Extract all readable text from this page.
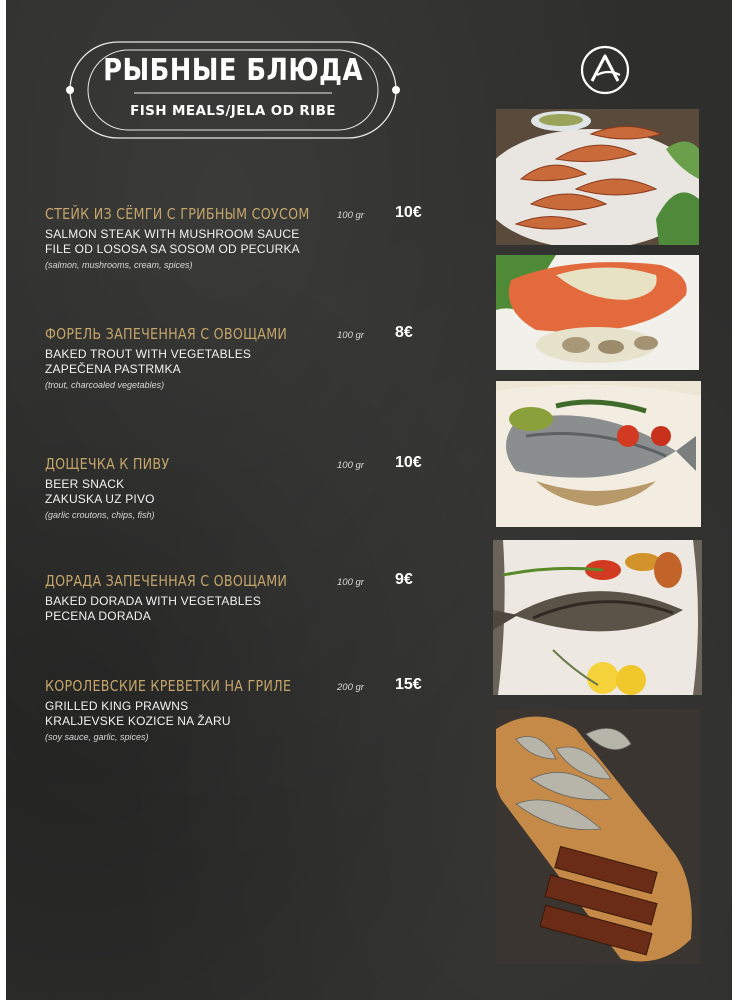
РЫБНЫЕ БЛЮДА
FISH MEALS/JELA OD RIBE
СТЕЙК ИЗ СЁМГИ С ГРИБНЫМ СОУСОМ
SALMON STEAK WITH MUSHROOM SAUCE
FILE OD LOSOSA SA SOSOM OD PECURKA
(salmon, mushrooms, cream, spices)
100 gr	10€
ФОРЕЛЬ ЗАПЕЧЕННАЯ С ОВОЩАМИ
BAKED TROUT WITH VEGETABLES
ZAPEČENA PASTRMKA
(trout, charcoaled vegetables)
100 gr	8€
ДОЩЕЧКА К ПИВУ
BEER SNACK
ZAKUSKA UZ PIVO
(garlic croutons, chips, fish)
100 gr	10€
ДОРАДА ЗАПЕЧЕННАЯ С ОВОЩАМИ
BAKED DORADA WITH VEGETABLES
PECENA DORADA
100 gr	9€
КОРОЛЕВСКИЕ КРЕВЕТКИ НА ГРИЛЕ
GRILLED KING PRAWNS
KRALJEVSKE KOZICE NA ŽARU
(soy sauce, garlic, spices)
200 gr	15€
